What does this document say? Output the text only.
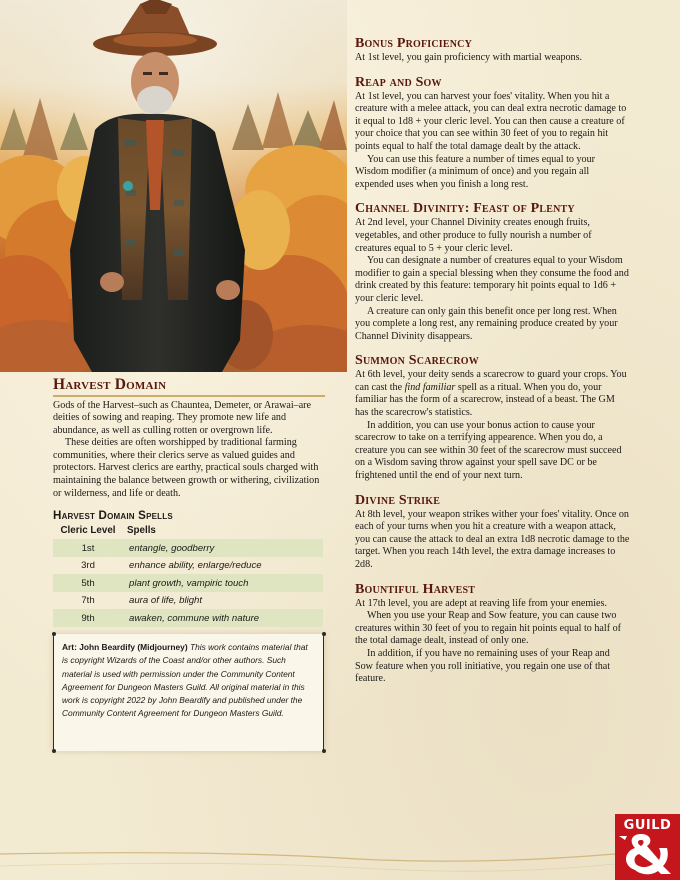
Harvest Domain

Gods of the Harvest–such as Chauntea, Demeter, or Arawai–are deities of sowing and reaping. They promote new life and abundance, as well as culling rotten or overgrown life.

These deities are often worshipped by traditional farming communities, where their clerics serve as valued guides and protectors. Harvest clerics are earthy, practical souls charged with maintaining the balance between growth or withering, civilization or wilderness, and life or death.

Harvest Domain Spells
Cleric Level	Spells
1st	entangle, goodberry
3rd	enhance ability, enlarge/reduce
5th	plant growth, vampiric touch
7th	aura of life, blight
9th	awaken, commune with nature
Art: John Beardify (Midjourney) This work contains material that is copyright Wizards of the Coast and/or other authors. Such material is used with permission under the Community Content Agreement for Dungeon Masters Guild. All original material in this work is copyright 2022 by John Beardify and published under the Community Content Agreement for Dungeon Masters Guild.
Bonus Proficiency

At 1st level, you gain proficiency with martial weapons.

Reap and Sow

At 1st level, you can harvest your foes' vitality. When you hit a creature with a melee attack, you can deal extra necrotic damage to it equal to 1d8 + your cleric level. You can then cause a creature of your choice that you can see within 30 feet of you to regain hit points equal to half the total damage dealt by the attack.

You can use this feature a number of times equal to your Wisdom modifier (a minimum of once) and you regain all expended uses when you finish a long rest.

Channel Divinity: Feast of Plenty

At 2nd level, your Channel Divinity creates enough fruits, vegetables, and other produce to fully nourish a number of creatures equal to 5 + your cleric level.

You can designate a number of creatures equal to your Wisdom modifier to gain a special blessing when they consume the food and drink created by this feature: temporary hit points equal to 1d6 + your cleric level.

A creature can only gain this benefit once per long rest. When you complete a long rest, any remaining produce created by your Channel Divinity disappears.

Summon Scarecrow

At 6th level, your deity sends a scarecrow to guard your crops. You can cast the find familiar spell as a ritual. When you do, your familiar has the form of a scarecrow, instead of a beast. The GM has the scarecrow's statistics.

In addition, you can use your bonus action to cause your scarecrow to take on a terrifying appearence. When you do, a creature you can see within 30 feet of the scarecrow must succeed on a Wisdom saving throw against your spell save DC or be frightened until the end of your next turn.

Divine Strike

At 8th level, your weapon strikes wither your foes' vitality. Once on each of your turns when you hit a creature with a weapon attack, you can cause the attack to deal an extra 1d8 necrotic damage to the target. When you reach 14th level, the extra damage increases to 2d8.

Bountiful Harvest

At 17th level, you are adept at reaving life from your enemies.

When you use your Reap and Sow feature, you can cause two creatures within 30 feet of you to regain hit points equal to half of the total damage dealt, instead of only one.

In addition, if you have no remaining uses of your Reap and Sow feature when you roll initiative, you regain one use of that feature.

GUILD
